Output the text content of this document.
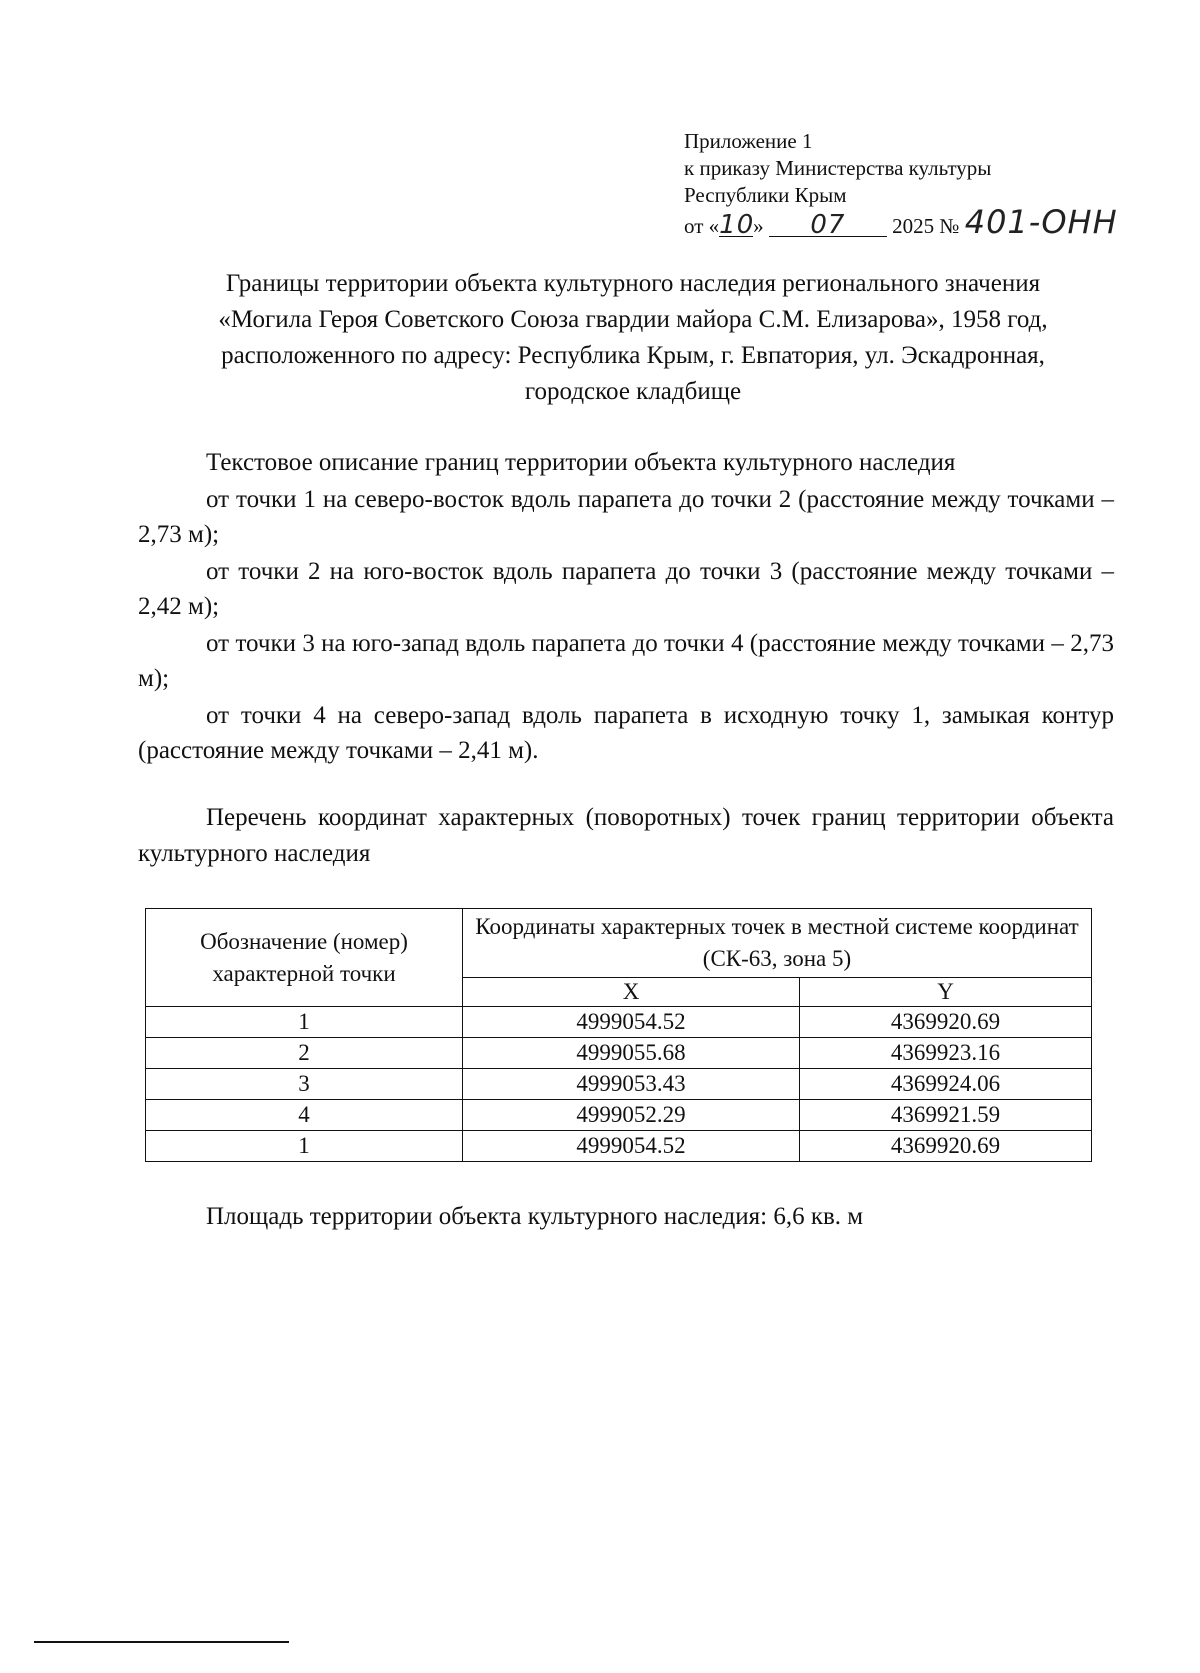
Приложение 1
к приказу Министерства культуры
Республики Крым
от «10» 07 2025 № 401-ОНН
Границы территории объекта культурного наследия регионального значения
«Могила Героя Советского Союза гвардии майора С.М. Елизарова», 1958 год,
расположенного по адресу: Республика Крым, г. Евпатория, ул. Эскадронная,
городское кладбище

Текстовое описание границ территории объекта культурного наследия

от точки 1 на северо-восток вдоль парапета до точки 2 (расстояние между точками – 2,73 м);

от точки 2 на юго-восток вдоль парапета до точки 3 (расстояние между точками – 2,42 м);

от точки 3 на юго-запад вдоль парапета до точки 4 (расстояние между точками – 2,73 м);

от точки 4 на северо-запад вдоль парапета в исходную точку 1, замыкая контур (расстояние между точками – 2,41 м).

Перечень координат характерных (поворотных) точек границ территории объекта культурного наследия
Обозначение (номер) характерной точки	Координаты характерных точек в местной системе координат (СК-63, зона 5)	
	X	Y
1	4999054.52	4369920.69
2	4999055.68	4369923.16
3	4999053.43	4369924.06
4	4999052.29	4369921.59
1	4999054.52	4369920.69
Площадь территории объекта культурного наследия: 6,6 кв. м
